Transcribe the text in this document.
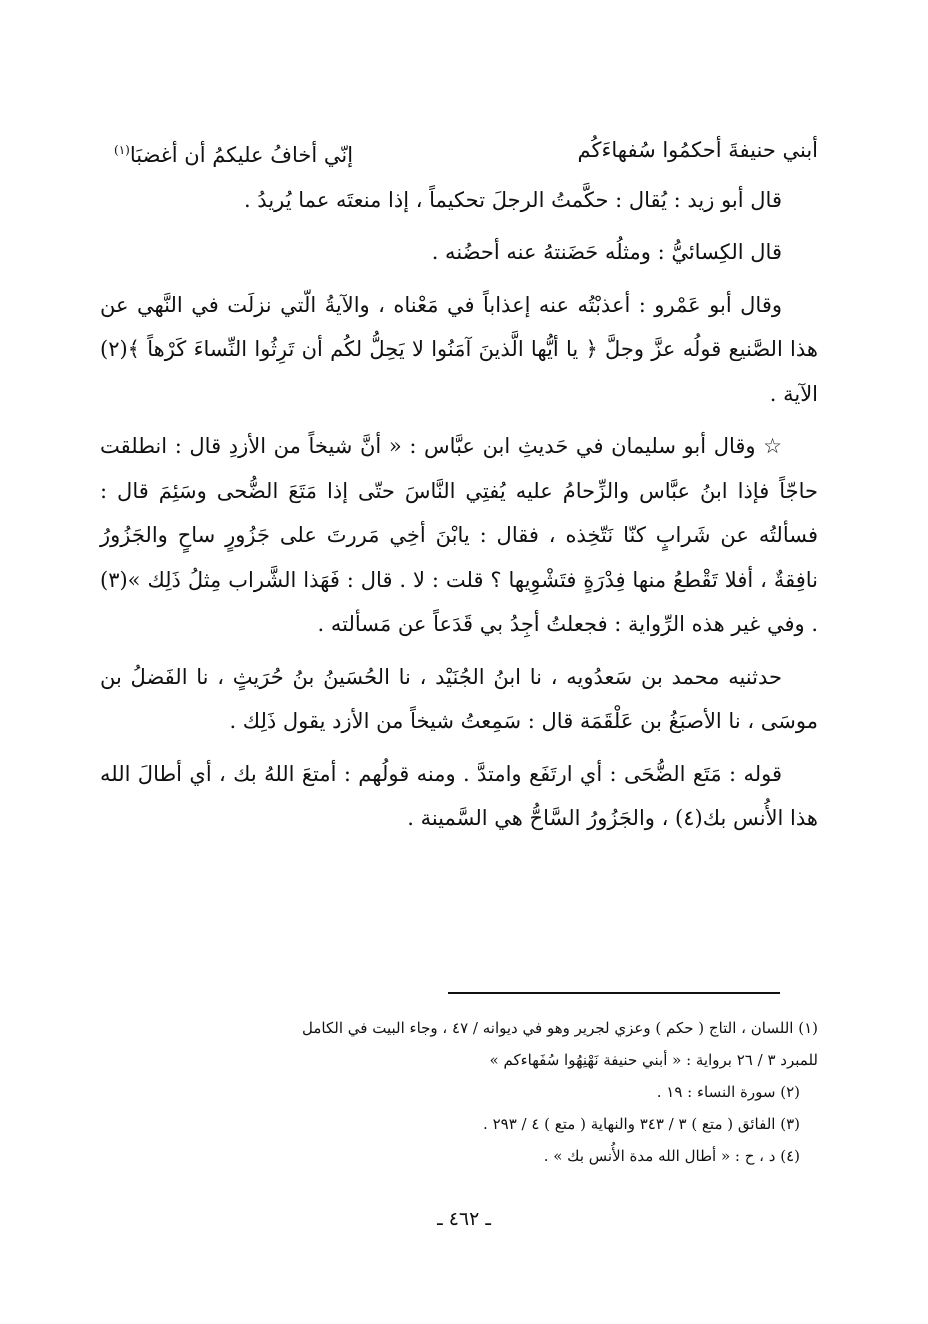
أبني حنيفةَ أحكمُوا سُفهاءَكُم
إنّي أخافُ عليكمُ أن أغضبَا$^{(١)}$

قال أبو زيد : يُقال : حكَّمتُ الرجلَ تحكيماً ، إذا منعتَه عما يُريدُ .

قال الكِسائيُّ : ومثلُه حَضَنتهُ عنه أحضُنه .

وقال أبو عَمْرو : أعذبْتُه عنه إعذاباً في مَعْناه ، والآيةُ الّتي نزلَت في النَّهي عن هذا الصَّنيع قولُه عزَّ وجلَّ ﴿ يا أيُّها الَّذينَ آمَنُوا لا يَحِلُّ لكُم أن تَرِثُوا النِّساءَ كَرْهاً ﴾(٢) الآية .

☆ وقال أبو سليمان في حَديثِ ابن عبَّاس : « أنَّ شيخاً من الأزدِ قال : انطلقت حاجّاً فإذا ابنُ عبَّاس والزِّحامُ عليه يُفتِي النَّاسَ حتّى إذا مَتَعَ الضُّحى وسَئِمَ قال : فسألتُه عن شَرابٍ كنّا نَتّخِذه ، فقال : يابْنَ أخِي مَررتَ على جَزُورٍ ساحٍ والجَزُورُ نافِقةٌ ، أفلا تَقْطعُ منها فِدْرَةٍ فتَشْوِيها ؟ قلت : لا . قال : فَهَذا الشَّراب مِثلُ ذَلِك »(٣) . وفي غير هذه الرِّواية : فجعلتُ أجِدُ بي قَدَعاً عن مَسألته .

حدثنيه محمد بن سَعدُويه ، نا ابنُ الجُنَيْد ، نا الحُسَينُ بنُ حُرَيثٍ ، نا الفَضلُ بن موسَى ، نا الأصبَغُ بن عَلْقَمَة قال : سَمِعتُ شيخاً من الأزد يقول ذَلِك .

قوله : مَتَع الضُّحَى : أي ارتَفَع وامتدَّ . ومنه قولُهم : أمتعَ اللهُ بك ، أي أطالَ الله هذا الأُنس بك(٤) ، والجَزُورُ السَّاحُّ هي السَّمينة .

(١) اللسان ، التاج ( حكم ) وعزي لجرير وهو في ديوانه / ٤٧ ، وجاء البيت في الكامل

للمبرد ٣ / ٢٦ برواية : « أبني حنيفة نَهْنِهُوا سُفَهاءكم »

(٢) سورة النساء : ١٩ .

(٣) الفائق ( متع ) ٣ / ٣٤٣ والنهاية ( متع ) ٤ / ٢٩٣ .

(٤) د ، ح : « أطال الله مدة الأُنس بك » .

ـ ٤٦٢ ـ
